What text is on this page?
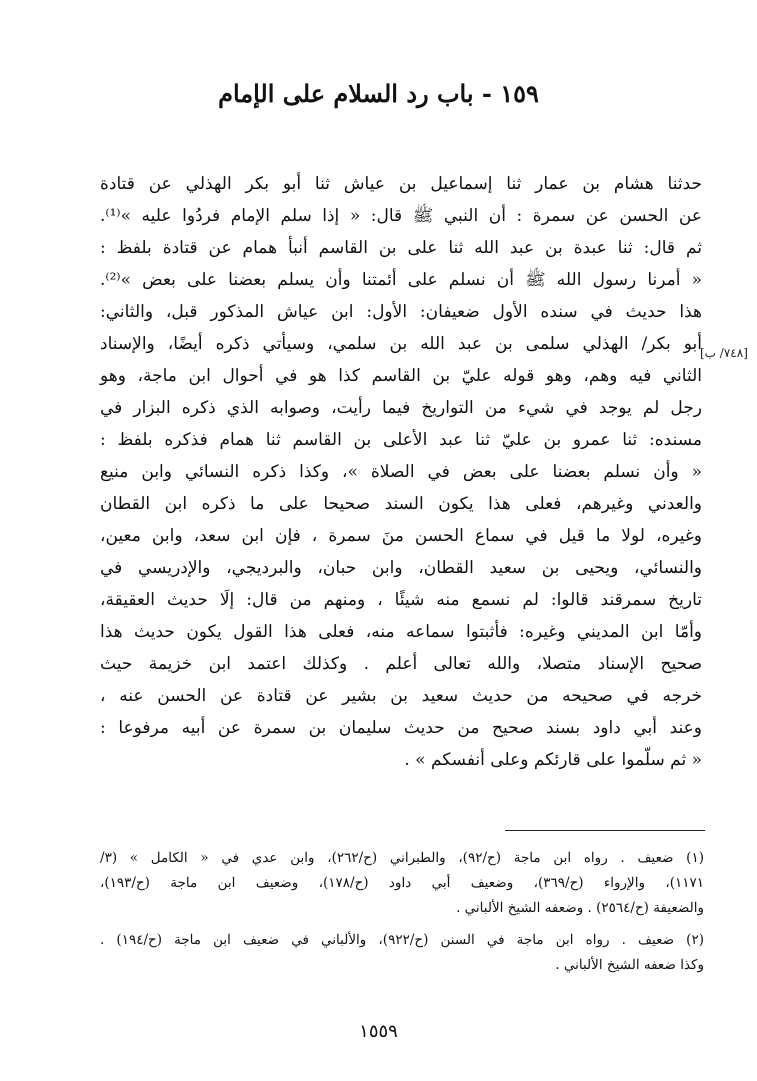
١٥٩ - باب رد السلام على الإمام
[٧٤٨/ ب]
حدثنا هشام بن عمار ثنا إسماعيل بن عياش ثنا أبو بكر الهذلي عن قتادة
عن الحسن عن سمرة : أن النبي ﷺ قال: « إذا سلم الإمام فردُوا عليه »⁽¹⁾.
ثم قال: ثنا عبدة بن عبد الله ثنا على بن القاسم أنبأ همام عن قتادة بلفظ :
« أمرنا رسول الله ﷺ أن نسلم على أئمتنا وأن يسلم بعضنا على بعض »⁽²⁾.
هذا حديث في سنده الأول ضعيفان: الأول: ابن عياش المذكور قبل، والثاني:
أبو بكر/ الهذلي سلمى بن عبد الله بن سلمي، وسيأتي ذكره أيضًا، والإسناد
الثاني فيه وهم، وهو قوله عليّ بن القاسم كذا هو في أحوال ابن ماجة، وهو
رجل لم يوجد في شيء من التواريخ فيما رأيت، وصوابه الذي ذكره البزار في
مسنده: ثنا عمرو بن عليّ ثنا عبد الأعلى بن القاسم ثنا همام فذكره بلفظ :
« وأن نسلم بعضنا على بعض في الصلاة »، وكذا ذكره النسائي وابن منيع
والعدني وغيرهم، فعلى هذا يكون السند صحيحا على ما ذكره ابن القطان
وغيره، لولا ما قيل في سماع الحسن منَ سمرة ، فإن ابن سعد، وابن معين،
والنسائي، ويحيى بن سعيد القطان، وابن حبان، والبرديجي، والإدريسي في
تاريخ سمرقند قالوا: لم نسمع منه شيئًا ، ومنهم من قال: إلَا حديث العقيقة،
وأمّا ابن المديني وغيره: فأثبتوا سماعه منه، فعلى هذا القول يكون حديث هذا
صحيح الإسناد متصلا، والله تعالى أعلم . وكذلك اعتمد ابن خزيمة حيث
خرجه في صحيحه من حديث سعيد بن بشير عن قتادة عن الحسن عنه ،
وعند أبي داود بسند صحيح من حديث سليمان بن سمرة عن أبيه مرفوعا :
« ثم سلّموا على قارئكم وعلى أنفسكم » .
(١) ضعيف . رواه ابن ماجة (ح/٩٢)، والطبراني (ح/٢٦٢)، وابن عدي في « الكامل » (٣/
١١٧١)، والإرواء (ح/٣٦٩)، وضعيف أبي داود (ح/١٧٨)، وضعيف ابن ماجة (ح/١٩٣)،
والضعيفة (ح/٢٥٦٤) . وضعفه الشيخ الألباني .
(٢) ضعيف . رواه ابن ماجة في السنن (ح/٩٢٢)، والألباني في ضعيف ابن ماجة (ح/١٩٤) .
وكذا ضعفه الشيخ الألباني .
١٥٥٩
